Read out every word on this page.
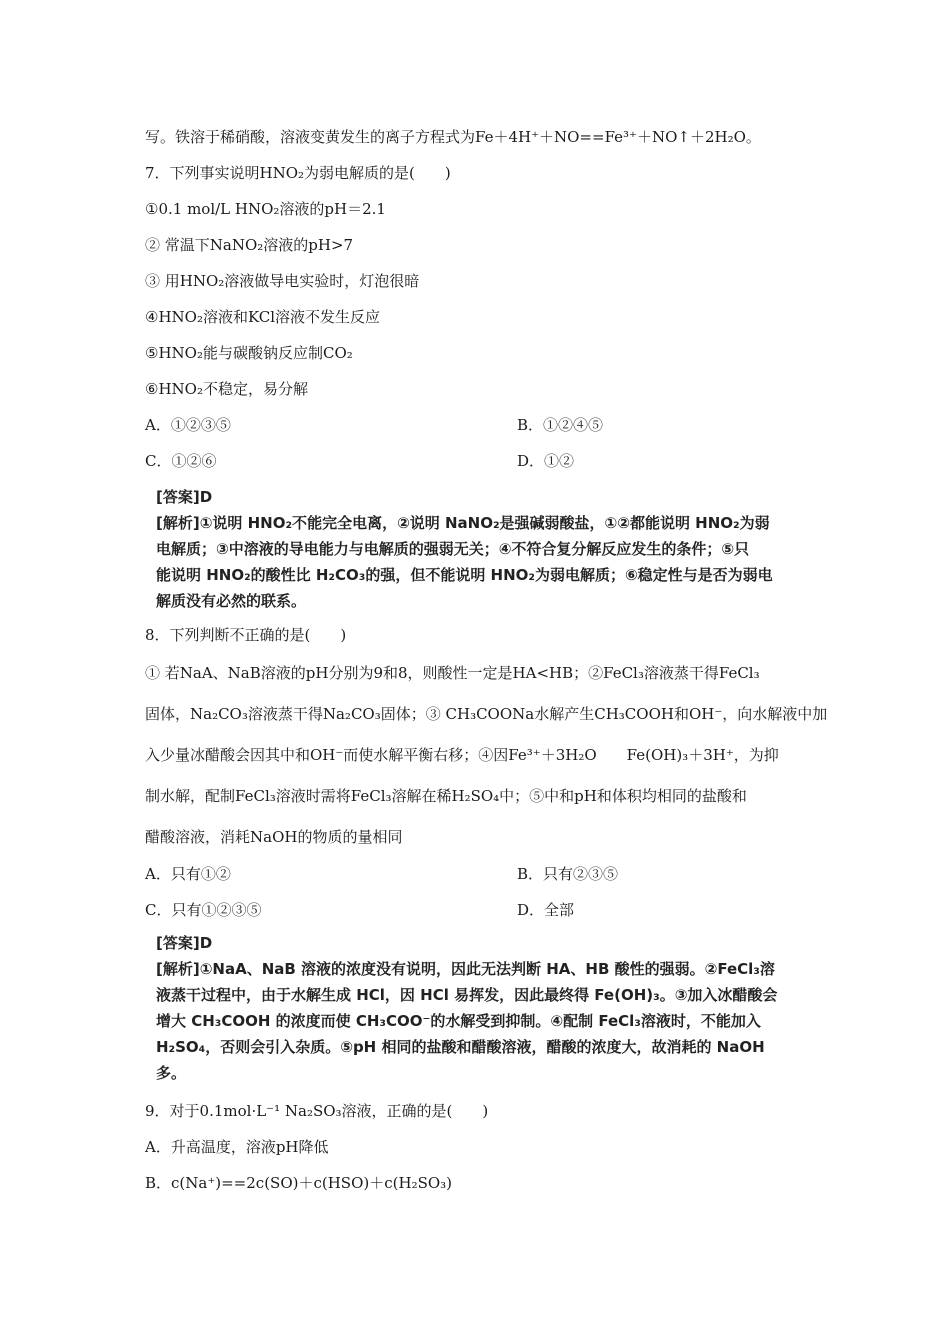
写。铁溶于稀硝酸，溶液变黄发生的离子方程式为Fe＋4H⁺＋NO==Fe³⁺＋NO↑＋2H₂O。
7．下列事实说明HNO₂为弱电解质的是(　　)
①0.1 mol/L HNO₂溶液的pH＝2.1
② 常温下NaNO₂溶液的pH>7
③ 用HNO₂溶液做导电实验时，灯泡很暗
④HNO₂溶液和KCl溶液不发生反应
⑤HNO₂能与碳酸钠反应制CO₂
⑥HNO₂不稳定，易分解
A．①②③⑤	B．①②④⑤
C．①②⑥	D．①②
[答案]D
[解析]①说明 HNO₂不能完全电离，②说明 NaNO₂是强碱弱酸盐，①②都能说明 HNO₂为弱
电解质；③中溶液的导电能力与电解质的强弱无关；④不符合复分解反应发生的条件；⑤只
能说明 HNO₂的酸性比 H₂CO₃的强，但不能说明 HNO₂为弱电解质；⑥稳定性与是否为弱电
解质没有必然的联系。
8．下列判断不正确的是(　　)
① 若NaA、NaB溶液的pH分别为9和8，则酸性一定是HA<HB；②FeCl₃溶液蒸干得FeCl₃
固体，Na₂CO₃溶液蒸干得Na₂CO₃固体；③ CH₃COONa水解产生CH₃COOH和OH⁻，向水解液中加
入少量冰醋酸会因其中和OH⁻而使水解平衡右移；④因Fe³⁺＋3H₂O　　Fe(OH)₃＋3H⁺，为抑
制水解，配制FeCl₃溶液时需将FeCl₃溶解在稀H₂SO₄中；⑤中和pH和体积均相同的盐酸和
醋酸溶液，消耗NaOH的物质的量相同
A．只有①②	B．只有②③⑤
C．只有①②③⑤	D．全部
[答案]D
[解析]①NaA、NaB 溶液的浓度没有说明，因此无法判断 HA、HB 酸性的强弱。②FeCl₃溶
液蒸干过程中，由于水解生成 HCl，因 HCl 易挥发，因此最终得 Fe(OH)₃。③加入冰醋酸会
增大 CH₃COOH 的浓度而使 CH₃COO⁻的水解受到抑制。④配制 FeCl₃溶液时，不能加入
H₂SO₄，否则会引入杂质。⑤pH 相同的盐酸和醋酸溶液，醋酸的浓度大，故消耗的 NaOH
多。
9．对于0.1mol·L⁻¹ Na₂SO₃溶液，正确的是(　　)
A．升高温度，溶液pH降低
B．c(Na⁺)==2c(SO)＋c(HSO)＋c(H₂SO₃)
